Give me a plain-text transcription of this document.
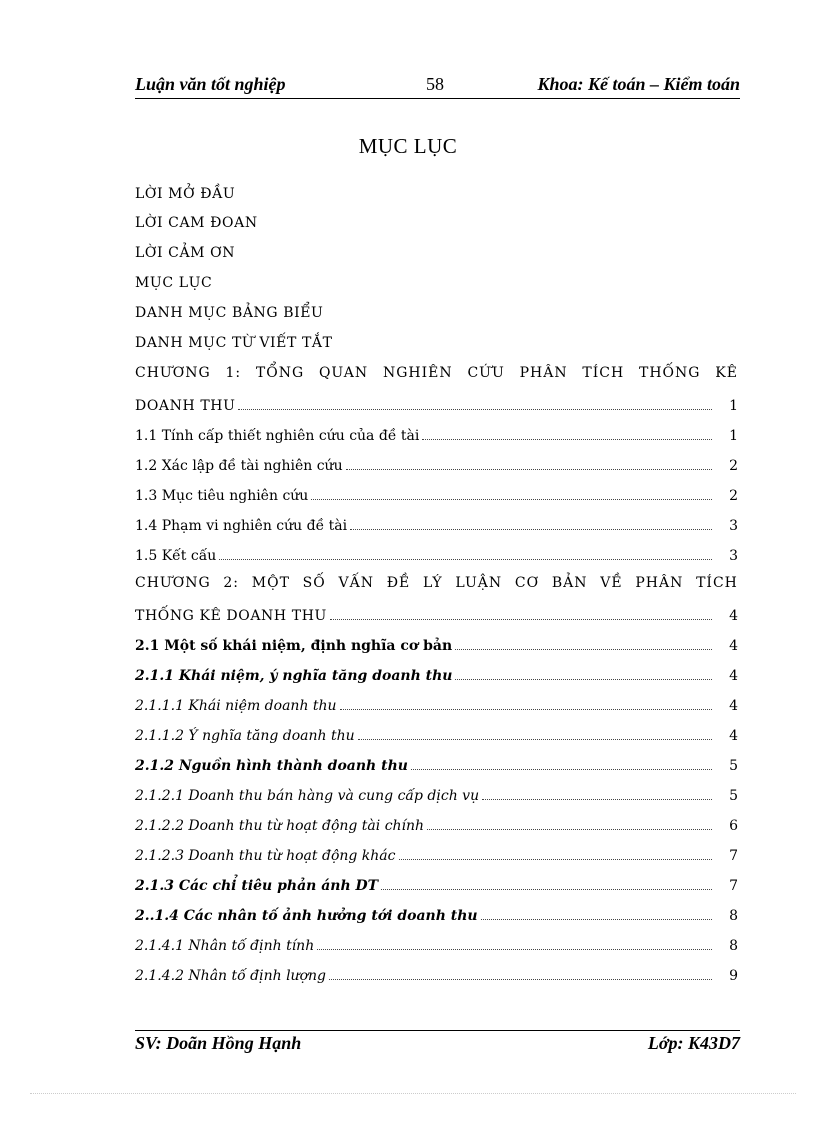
Luận văn tốt nghiệp	58	Khoa: Kế toán – Kiểm toán
MỤC LỤC
LỜI MỞ ĐẦU
LỜI CAM ĐOAN
LỜI CẢM ƠN
MỤC LỤC
DANH MỤC BẢNG BIỂU
DANH MỤC TỪ VIẾT TẮT
CHƯƠNG 1: TỔNG QUAN NGHIÊN CỨU PHÂN TÍCH THỐNG KÊ
DOANH THU	1
1.1 Tính cấp thiết nghiên cứu của đề tài	1
1.2 Xác lập đề tài nghiên cứu	2
1.3 Mục tiêu nghiên cứu	2
1.4 Phạm vi nghiên cứu đề tài	3
1.5 Kết cấu	3
CHƯƠNG 2: MỘT SỐ VẤN ĐỀ LÝ LUẬN CƠ BẢN VỀ PHÂN TÍCH
THỐNG KÊ DOANH THU	4
2.1 Một số khái niệm, định nghĩa cơ bản	4
2.1.1 Khái niệm, ý nghĩa tăng doanh thu	4
2.1.1.1 Khái niệm doanh thu	4
2.1.1.2 Ý nghĩa tăng doanh thu	4
2.1.2 Nguồn hình thành doanh thu	5
2.1.2.1 Doanh thu bán hàng và cung cấp dịch vụ	5
2.1.2.2 Doanh thu từ hoạt động tài chính	6
2.1.2.3 Doanh thu từ hoạt động khác	7
2.1.3 Các chỉ tiêu phản ánh DT	7
2..1.4 Các nhân tố ảnh hưởng tới doanh thu	8
2.1.4.1 Nhân tố định tính	8
2.1.4.2 Nhân tố định lượng	9
SV: Doãn Hồng Hạnh	Lớp: K43D7
